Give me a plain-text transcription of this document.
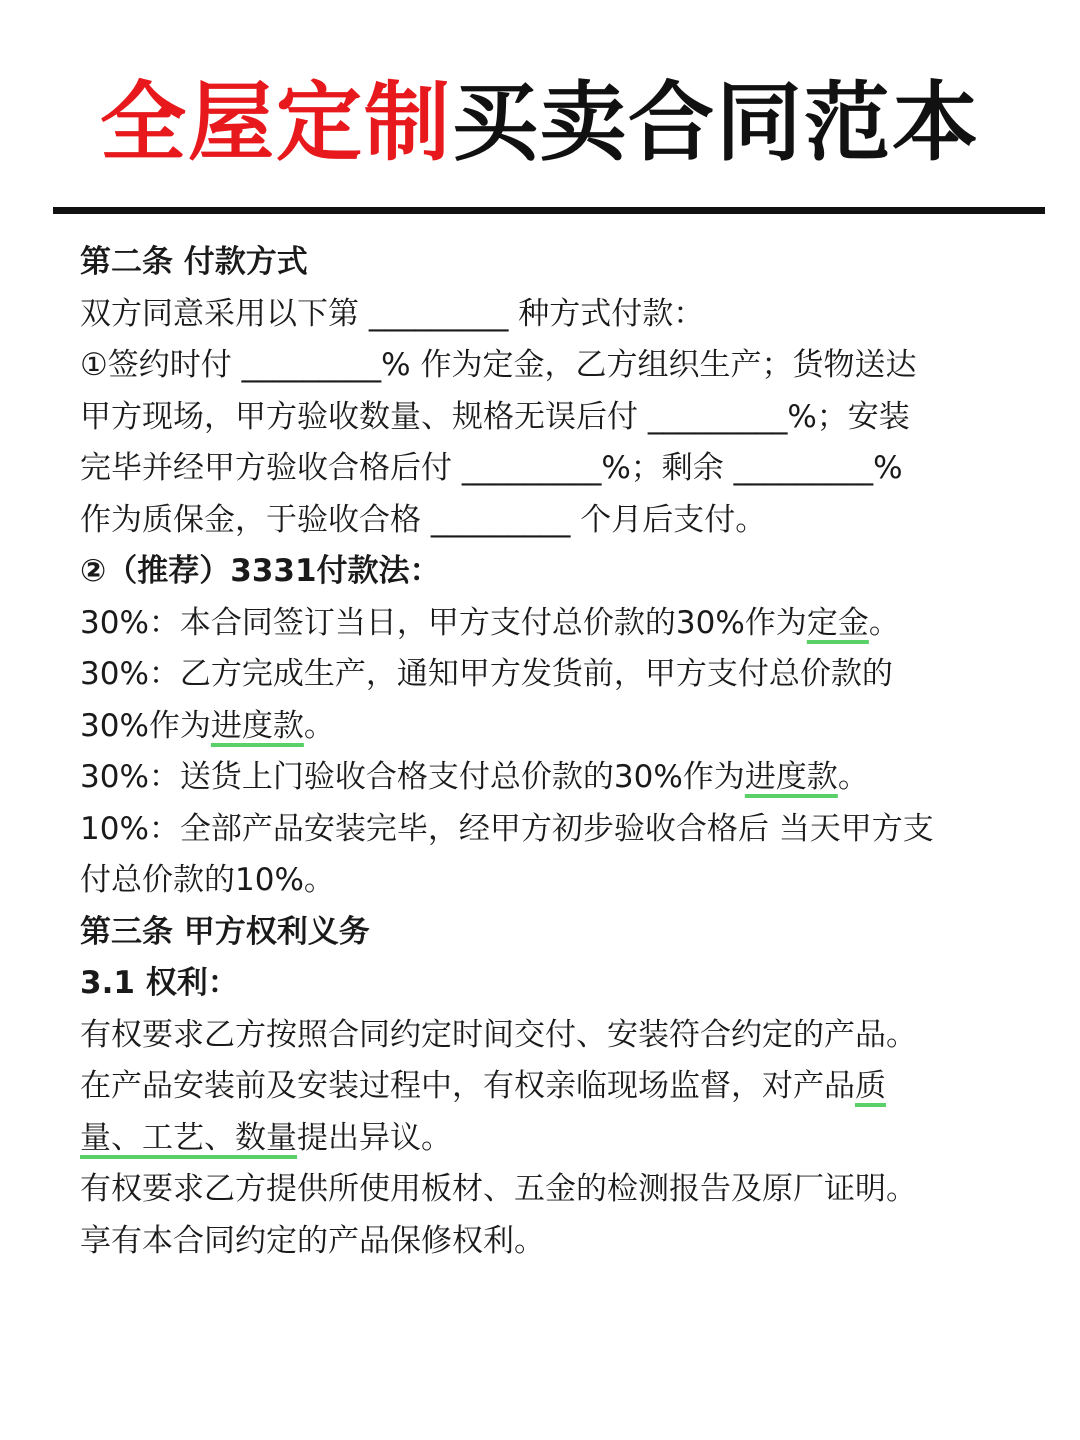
全屋定制买卖合同范本
第二条 付款方式
双方同意采用以下第 _________ 种方式付款：
①签约时付 _________% 作为定金，乙方组织生产；货物送达
甲方现场，甲方验收数量、规格无误后付 _________%；安装
完毕并经甲方验收合格后付 _________%；剩余 _________%
作为质保金，于验收合格 _________ 个月后支付。
②（推荐）3331付款法：
30%：本合同签订当日，甲方支付总价款的30%作为定金。
30%：乙方完成生产，通知甲方发货前，甲方支付总价款的
30%作为进度款。
30%：送货上门验收合格支付总价款的30%作为进度款。
10%：全部产品安装完毕，经甲方初步验收合格后 当天甲方支
付总价款的10%。
第三条 甲方权利义务
3.1 权利：
有权要求乙方按照合同约定时间交付、安装符合约定的产品。
在产品安装前及安装过程中，有权亲临现场监督，对产品质
量、工艺、数量提出异议。
有权要求乙方提供所使用板材、五金的检测报告及原厂证明。
享有本合同约定的产品保修权利。
